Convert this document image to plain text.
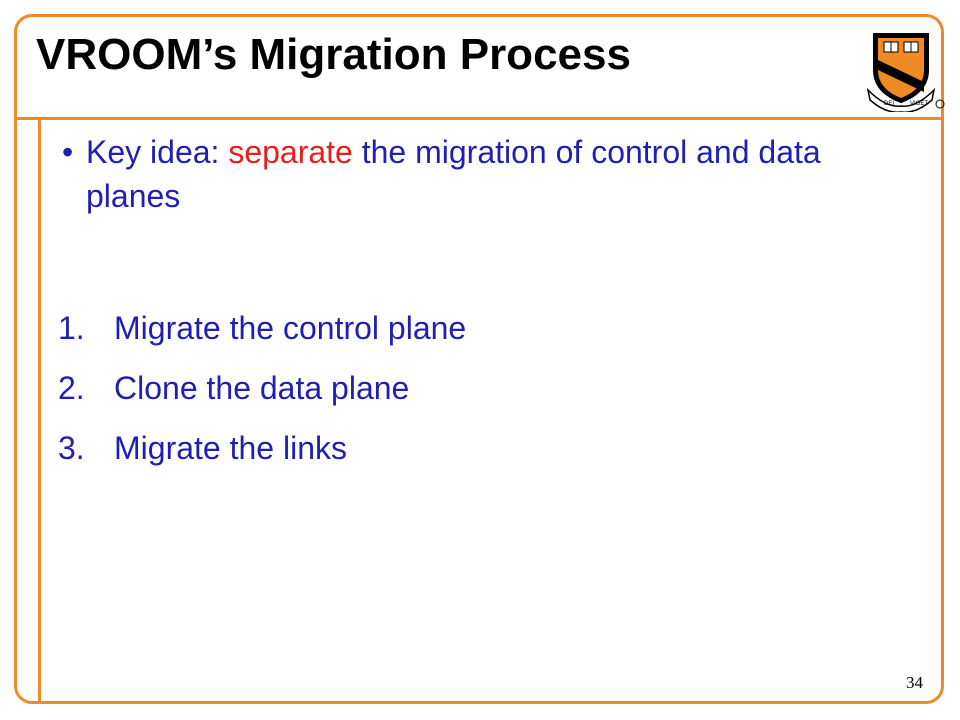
VROOM’s Migration Process
DEI	VIGET
• Key idea: separate the migration of control and data planes
1. Migrate the control plane
2. Clone the data plane
3. Migrate the links
34
